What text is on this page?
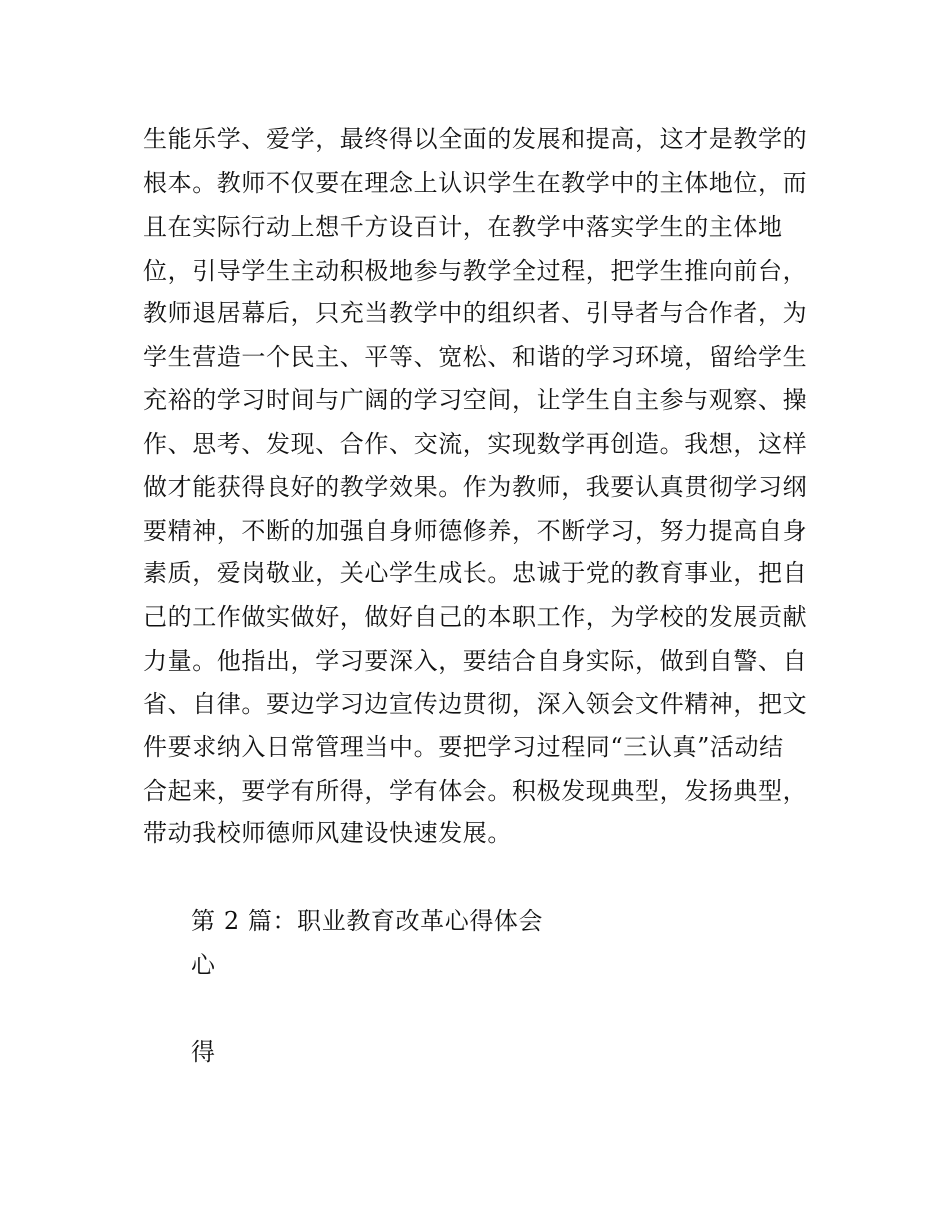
生能乐学、爱学，最终得以全面的发展和提高，这才是教学的
根本。教师不仅要在理念上认识学生在教学中的主体地位，而
且在实际行动上想千方设百计，在教学中落实学生的主体地
位，引导学生主动积极地参与教学全过程，把学生推向前台，
教师退居幕后，只充当教学中的组织者、引导者与合作者，为
学生营造一个民主、平等、宽松、和谐的学习环境，留给学生
充裕的学习时间与广阔的学习空间，让学生自主参与观察、操
作、思考、发现、合作、交流，实现数学再创造。我想，这样
做才能获得良好的教学效果。作为教师，我要认真贯彻学习纲
要精神，不断的加强自身师德修养，不断学习，努力提高自身
素质，爱岗敬业，关心学生成长。忠诚于党的教育事业，把自
己的工作做实做好，做好自己的本职工作，为学校的发展贡献
力量。他指出，学习要深入，要结合自身实际，做到自警、自
省、自律。要边学习边宣传边贯彻，深入领会文件精神，把文
件要求纳入日常管理当中。要把学习过程同“三认真”活动结
合起来，要学有所得，学有体会。积极发现典型，发扬典型，
带动我校师德师风建设快速发展。
第 2 篇：职业教育改革心得体会
心
得
